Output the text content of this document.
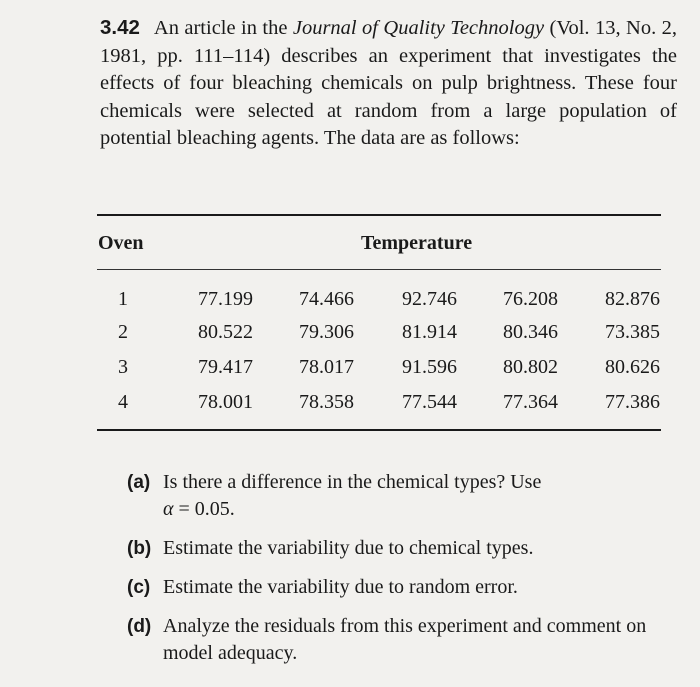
3.42 An article in the Journal of Quality Technology (Vol. 13, No. 2, 1981, pp. 111–114) describes an experiment that investigates the effects of four bleaching chemicals on pulp brightness. These four chemicals were selected at random from a large population of potential bleaching agents. The data are as follows:
Oven	Temperature
1	77.199	74.466	92.746	76.208	82.876
2	80.522	79.306	81.914	80.346	73.385
3	79.417	78.017	91.596	80.802	80.626
4	78.001	78.358	77.544	77.364	77.386
(a) Is there a difference in the chemical types? Use
α = 0.05.
(b) Estimate the variability due to chemical types.
(c) Estimate the variability due to random error.
(d) Analyze the residuals from this experiment and comment on model adequacy.
